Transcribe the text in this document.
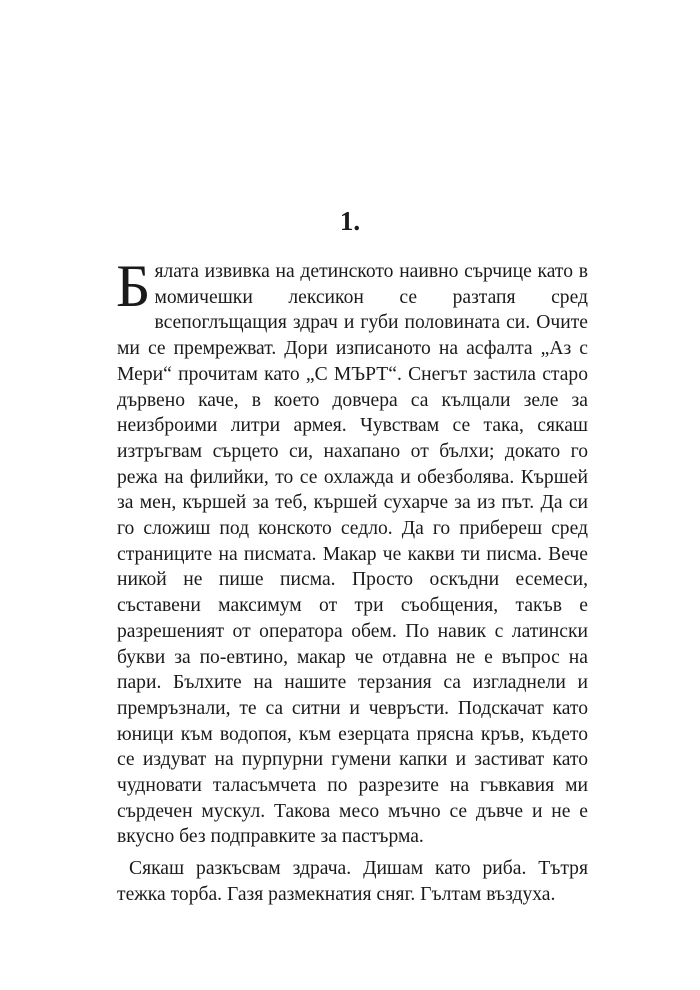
1.

Бялата извивка на детинското наивно сърчице като в момичешки лексикон се разтапя сред всепоглъщащия здрач и губи половината си. Очите ми се премрежват. Дори изписаното на асфалта „Аз с Мери“ прочитам като „С МЪРТ“. Снегът застила старо дървено каче, в което довчера са кълцали зеле за неизброими литри армея. Чувствам се така, сякаш изтръгвам сърцето си, нахапано от бълхи; докато го режа на филийки, то се охлажда и обезболява. Кършей за мен, кършей за теб, кършей сухарче за из път. Да си го сложиш под конското седло. Да го прибереш сред страниците на писмата. Макар че какви ти писма. Вече никой не пише писма. Просто оскъдни есемеси, съставени максимум от три съобщения, такъв е разрешеният от оператора обем. По навик с латински букви за по-евтино, макар че отдавна не е въпрос на пари. Бълхите на нашите терзания са изгладнели и премръзнали, те са ситни и чевръсти. Подскачат като юници към водопоя, към езерцата прясна кръв, където се издуват на пурпурни гумени капки и застиват като чудновати таласъмчета по разрезите на гъвкавия ми сърдечен мускул. Такова месо мъчно се дъвче и не е вкусно без подправките за пастърма.

Сякаш разкъсвам здрача. Дишам като риба. Тътря тежка торба. Газя размекнатия сняг. Гълтам въздуха.
